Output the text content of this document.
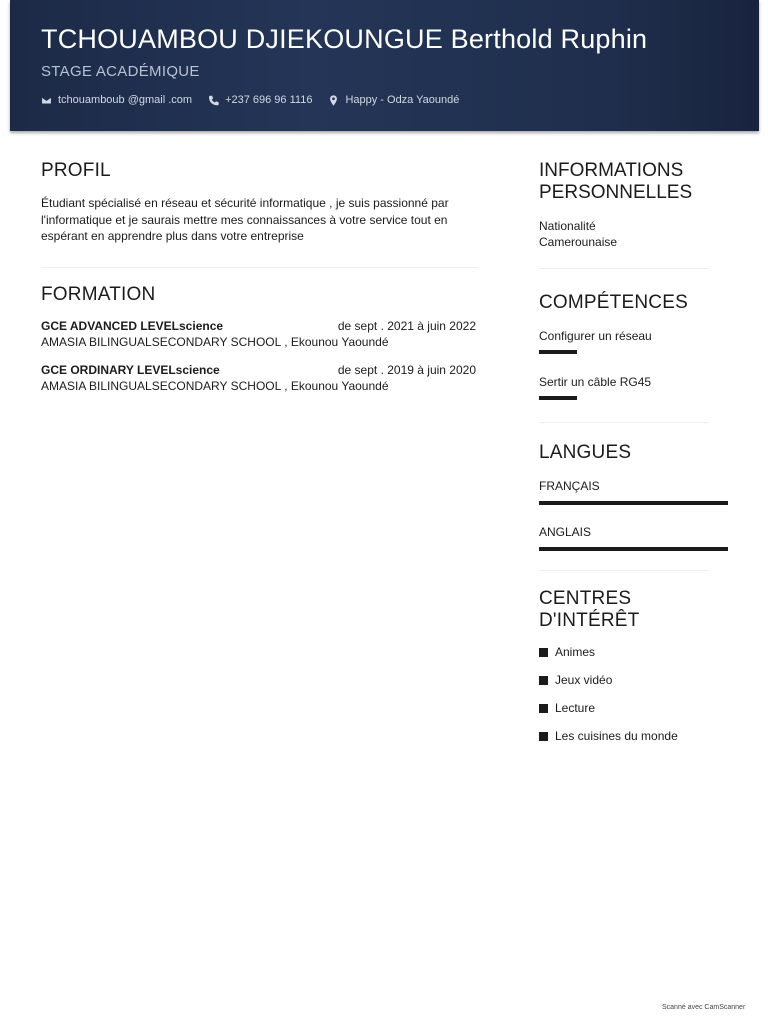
TCHOUAMBOU DJIEKOUNGUE Berthold Ruphin
STAGE ACADÉMIQUE
tchouamboub @gmail .com	+237 696 96 1116	Happy - Odza Yaoundé
PROFIL
Étudiant spécialisé en réseau et sécurité informatique , je suis passionné par l'informatique et je saurais mettre mes connaissances à votre service tout en espérant en apprendre plus dans votre entreprise
FORMATION
GCE ADVANCED LEVELscience	de sept . 2021 à juin 2022
AMASIA BILINGUALSECONDARY SCHOOL , Ekounou Yaoundé
GCE ORDINARY LEVELscience	de sept . 2019 à juin 2020
AMASIA BILINGUALSECONDARY SCHOOL , Ekounou Yaoundé
INFORMATIONS
PERSONNELLES
Nationalité
Camerounaise
COMPÉTENCES
Configurer un réseau
Sertir un câble RG45
LANGUES
FRANÇAIS
ANGLAIS
CENTRES D'INTÉRÊT
Animes
Jeux vidéo
Lecture
Les cuisines du monde
Scanné avec CamScanner
